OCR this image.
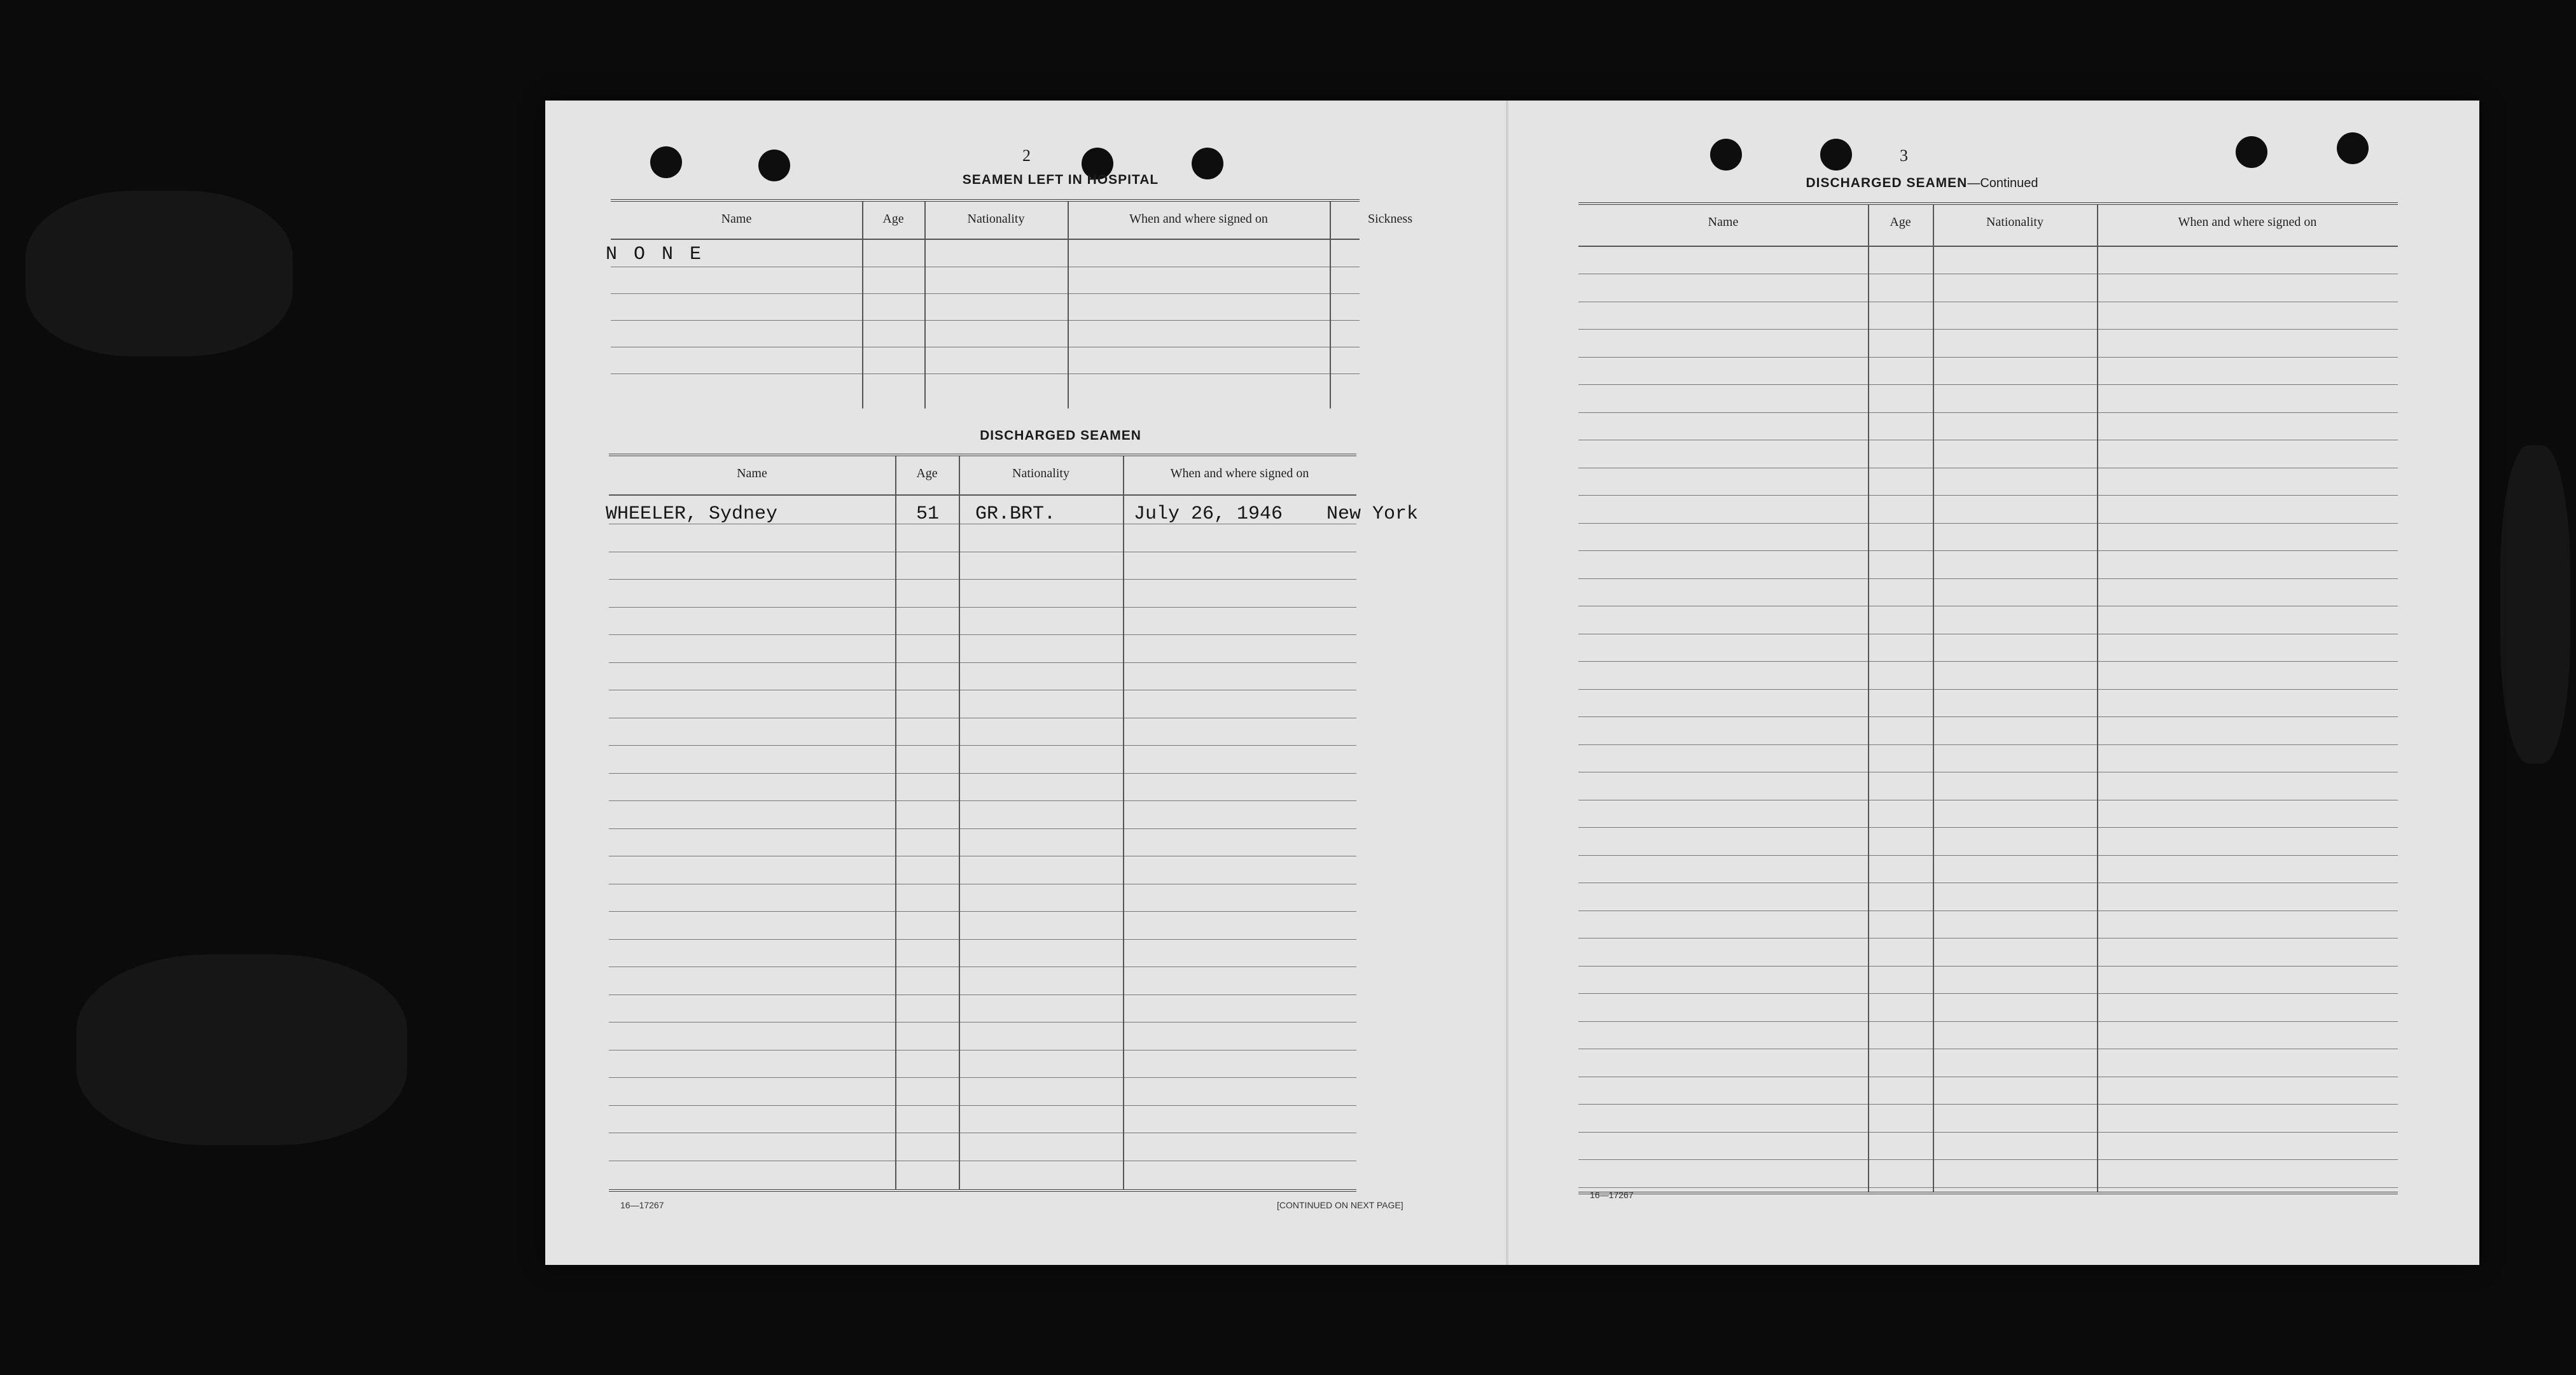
2
SEAMEN LEFT IN HOSPITAL
Name	Age	Nationality	When and where signed on	Sickness
N O N E
DISCHARGED SEAMEN
Name	Age	Nationality	When and where signed on
WHEELER, Sydney	51 GR.BRT.	July 26, 1946 New York
16—17267	[CONTINUED ON NEXT PAGE]
3
DISCHARGED SEAMEN—Continued
Name	Age	Nationality	When and where signed on
16—17267
